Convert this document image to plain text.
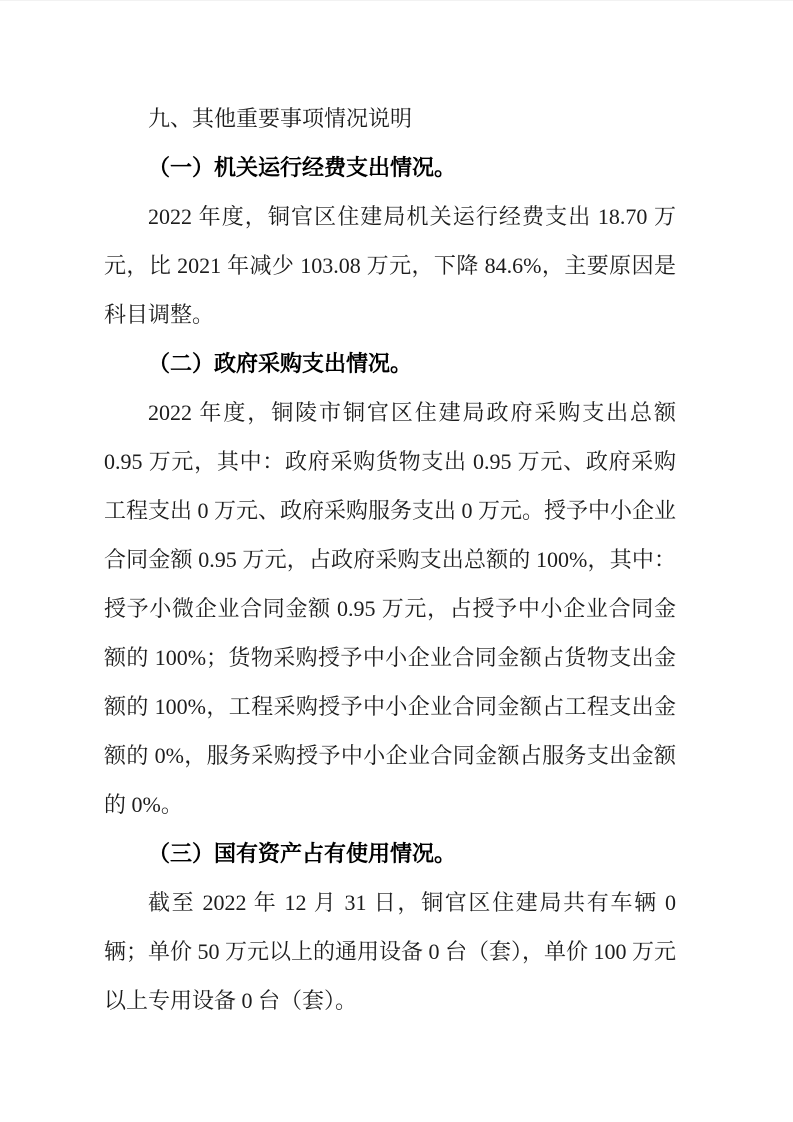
九、其他重要事项情况说明

（一）机关运行经费支出情况。

2022 年度，铜官区住建局机关运行经费支出 18.70 万元，比 2021 年减少 103.08 万元，下降 84.6%，主要原因是科目调整。

（二）政府采购支出情况。

2022 年度，铜陵市铜官区住建局政府采购支出总额 0.95 万元，其中：政府采购货物支出 0.95 万元、政府采购工程支出 0 万元、政府采购服务支出 0 万元。授予中小企业合同金额 0.95 万元，占政府采购支出总额的 100%，其中：授予小微企业合同金额 0.95 万元，占授予中小企业合同金额的 100%；货物采购授予中小企业合同金额占货物支出金额的 100%，工程采购授予中小企业合同金额占工程支出金额的 0%，服务采购授予中小企业合同金额占服务支出金额的 0%。

（三）国有资产占有使用情况。

截至 2022 年 12 月 31 日，铜官区住建局共有车辆 0 辆；单价 50 万元以上的通用设备 0 台（套），单价 100 万元以上专用设备 0 台（套）。
